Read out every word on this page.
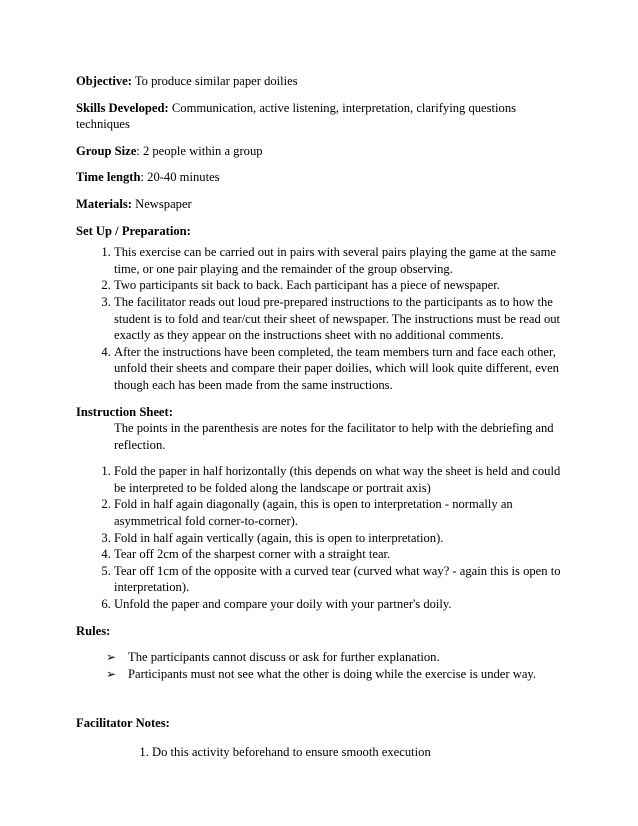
Objective: To produce similar paper doilies

Skills Developed: Communication, active listening, interpretation, clarifying questions techniques

Group Size: 2 people within a group

Time length: 20-40 minutes

Materials: Newspaper

Set Up / Preparation:

1. This exercise can be carried out in pairs with several pairs playing the game at the same time, or one pair playing and the remainder of the group observing.
2. Two participants sit back to back. Each participant has a piece of newspaper.
3. The facilitator reads out loud pre-prepared instructions to the participants as to how the student is to fold and tear/cut their sheet of newspaper. The instructions must be read out exactly as they appear on the instructions sheet with no additional comments.
4. After the instructions have been completed, the team members turn and face each other, unfold their sheets and compare their paper doilies, which will look quite different, even though each has been made from the same instructions.

Instruction Sheet:

The points in the parenthesis are notes for the facilitator to help with the debriefing and reflection.

1. Fold the paper in half horizontally (this depends on what way the sheet is held and could be interpreted to be folded along the landscape or portrait axis)
2. Fold in half again diagonally (again, this is open to interpretation - normally an asymmetrical fold corner-to-corner).
3. Fold in half again vertically (again, this is open to interpretation).
4. Tear off 2cm of the sharpest corner with a straight tear.
5. Tear off 1cm of the opposite with a curved tear (curved what way? - again this is open to interpretation).
6. Unfold the paper and compare your doily with your partner's doily.

Rules:

➢ The participants cannot discuss or ask for further explanation.
➢ Participants must not see what the other is doing while the exercise is under way.

Facilitator Notes:

1. Do this activity beforehand to ensure smooth execution
